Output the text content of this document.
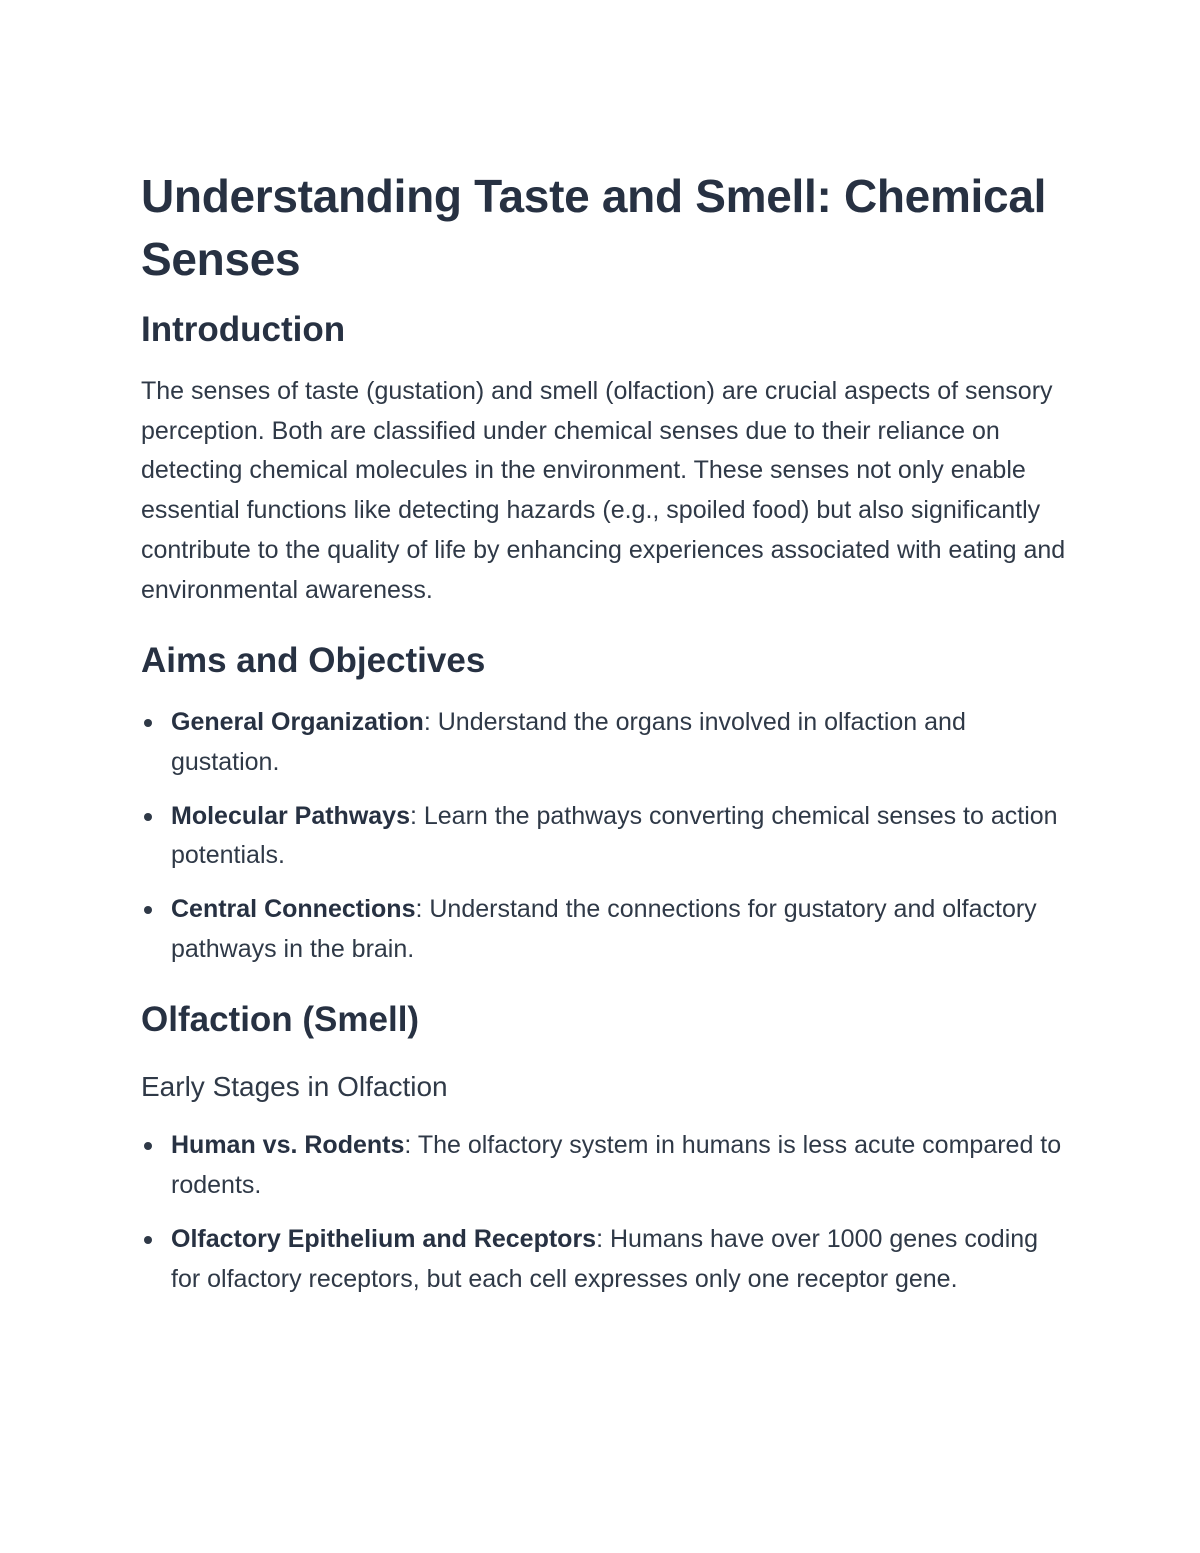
Understanding Taste and Smell: Chemical Senses
Introduction

The senses of taste (gustation) and smell (olfaction) are crucial aspects of sensory perception. Both are classified under chemical senses due to their reliance on detecting chemical molecules in the environment. These senses not only enable essential functions like detecting hazards (e.g., spoiled food) but also significantly contribute to the quality of life by enhancing experiences associated with eating and environmental awareness.

Aims and Objectives
General Organization: Understand the organs involved in olfaction and gustation.
Molecular Pathways: Learn the pathways converting chemical senses to action potentials.
Central Connections: Understand the connections for gustatory and olfactory pathways in the brain.
Olfaction (Smell)
Early Stages in Olfaction
Human vs. Rodents: The olfactory system in humans is less acute compared to rodents.
Olfactory Epithelium and Receptors: Humans have over 1000 genes coding for olfactory receptors, but each cell expresses only one receptor gene.
